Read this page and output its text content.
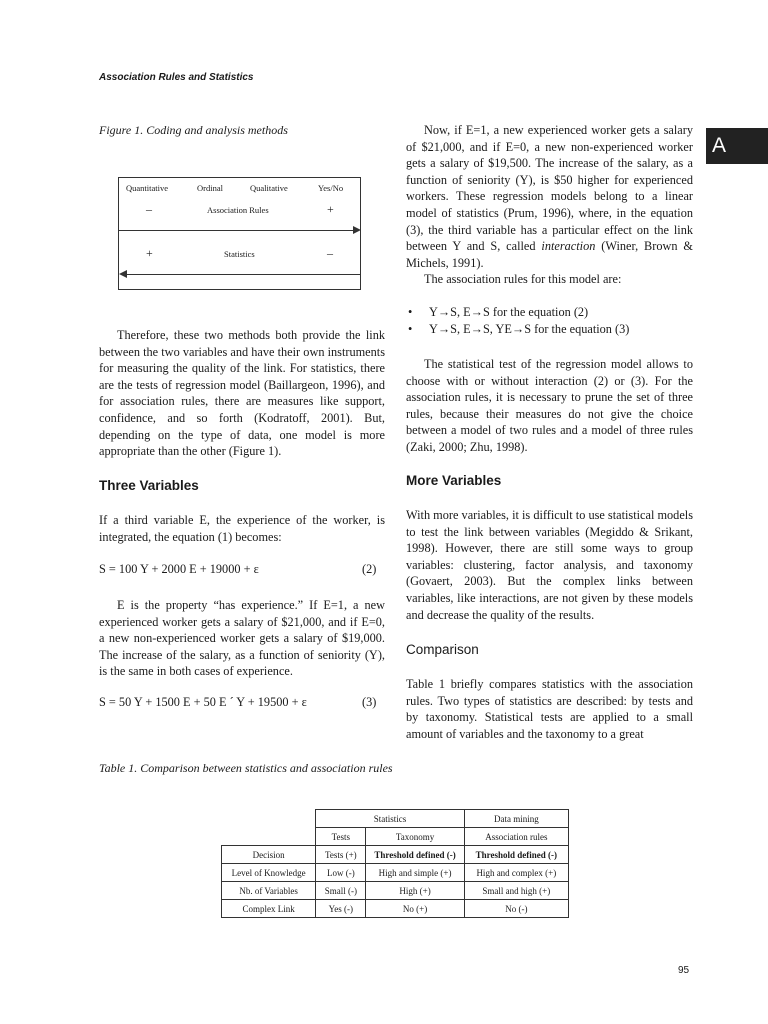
Association Rules and Statistics
A
Figure 1. Coding and analysis methods
Quantitative	Ordinal	Qualitative	Yes/No
–	Association Rules	+
+	Statistics	–

Therefore, these two methods both provide the link between the two variables and have their own instruments for measuring the quality of the link. For statistics, there are the tests of regression model (Baillargeon, 1996), and for association rules, there are measures like support, confidence, and so forth (Kodratoff, 2001). But, depending on the type of data, one model is more appropriate than the other (Figure 1).

Three Variables

If a third variable E, the experience of the worker, is integrated, the equation (1) becomes:

S = 100 Y + 2000 E + 19000 + ε	(2)

E is the property “has experience.” If E=1, a new experienced worker gets a salary of $21,000, and if E=0, a new non-experienced worker gets a salary of $19,000. The increase of the salary, as a function of seniority (Y), is the same in both cases of experience.

S = 50 Y + 1500 E + 50 E ´ Y + 19500 + ε	(3)

Now, if E=1, a new experienced worker gets a salary of $21,000, and if E=0, a new non-experienced worker gets a salary of $19,500. The increase of the salary, as a function of seniority (Y), is $50 higher for experienced workers. These regression models belong to a linear model of statistics (Prum, 1996), where, in the equation (3), the third variable has a particular effect on the link between Y and S, called interaction (Winer, Brown & Michels, 1991).

The association rules for this model are:

• Y→S, E→S for the equation (2)
• Y→S, E→S, YE→S for the equation (3)

The statistical test of the regression model allows to choose with or without interaction (2) or (3). For the association rules, it is necessary to prune the set of three rules, because their measures do not give the choice between a model of two rules and a model of three rules (Zaki, 2000; Zhu, 1998).

More Variables

With more variables, it is difficult to use statistical models to test the link between variables (Megiddo & Srikant, 1998). However, there are still some ways to group variables: clustering, factor analysis, and taxonomy (Govaert, 2003). But the complex links between variables, like interactions, are not given by these models and decrease the quality of the results.

Comparison

Table 1 briefly compares statistics with the association rules. Two types of statistics are described: by tests and by taxonomy. Statistical tests are applied to a small amount of variables and the taxonomy to a great

Table 1. Comparison between statistics and association rules
	Statistics		Data mining
	Tests	Taxonomy	Association rules
Decision	Tests (+)	Threshold defined (-)	Threshold defined (-)
Level of Knowledge	Low (-)	High and simple (+)	High and complex (+)
Nb. of Variables	Small (-)	High (+)	Small and high (+)
Complex Link	Yes (-)	No (+)	No (-)
95
